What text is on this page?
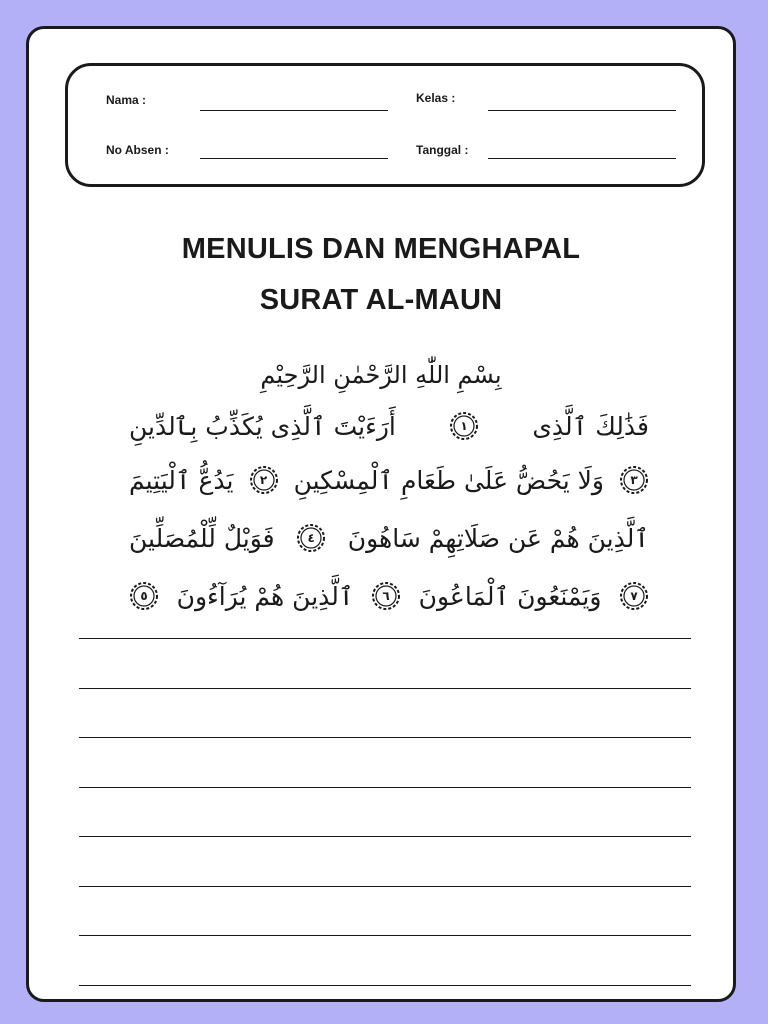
Nama :	Kelas :
No Absen :	Tanggal :
MENULIS DAN MENGHAPAL
SURAT AL-MAUN
بِسْمِ اللّٰهِ الرَّحْمٰنِ الرَّحِيْمِ
أَرَءَيْتَ ٱلَّذِى يُكَذِّبُ بِٱلدِّينِ	١	فَذَٰلِكَ ٱلَّذِى
يَدُعُّ ٱلْيَتِيمَ	٢	وَلَا يَحُضُّ عَلَىٰ طَعَامِ ٱلْمِسْكِينِ	٣
فَوَيْلٌ لِّلْمُصَلِّينَ	٤	ٱلَّذِينَ هُمْ عَن صَلَاتِهِمْ سَاهُونَ
٥	ٱلَّذِينَ هُمْ يُرَآءُونَ	٦	وَيَمْنَعُونَ ٱلْمَاعُونَ	٧
